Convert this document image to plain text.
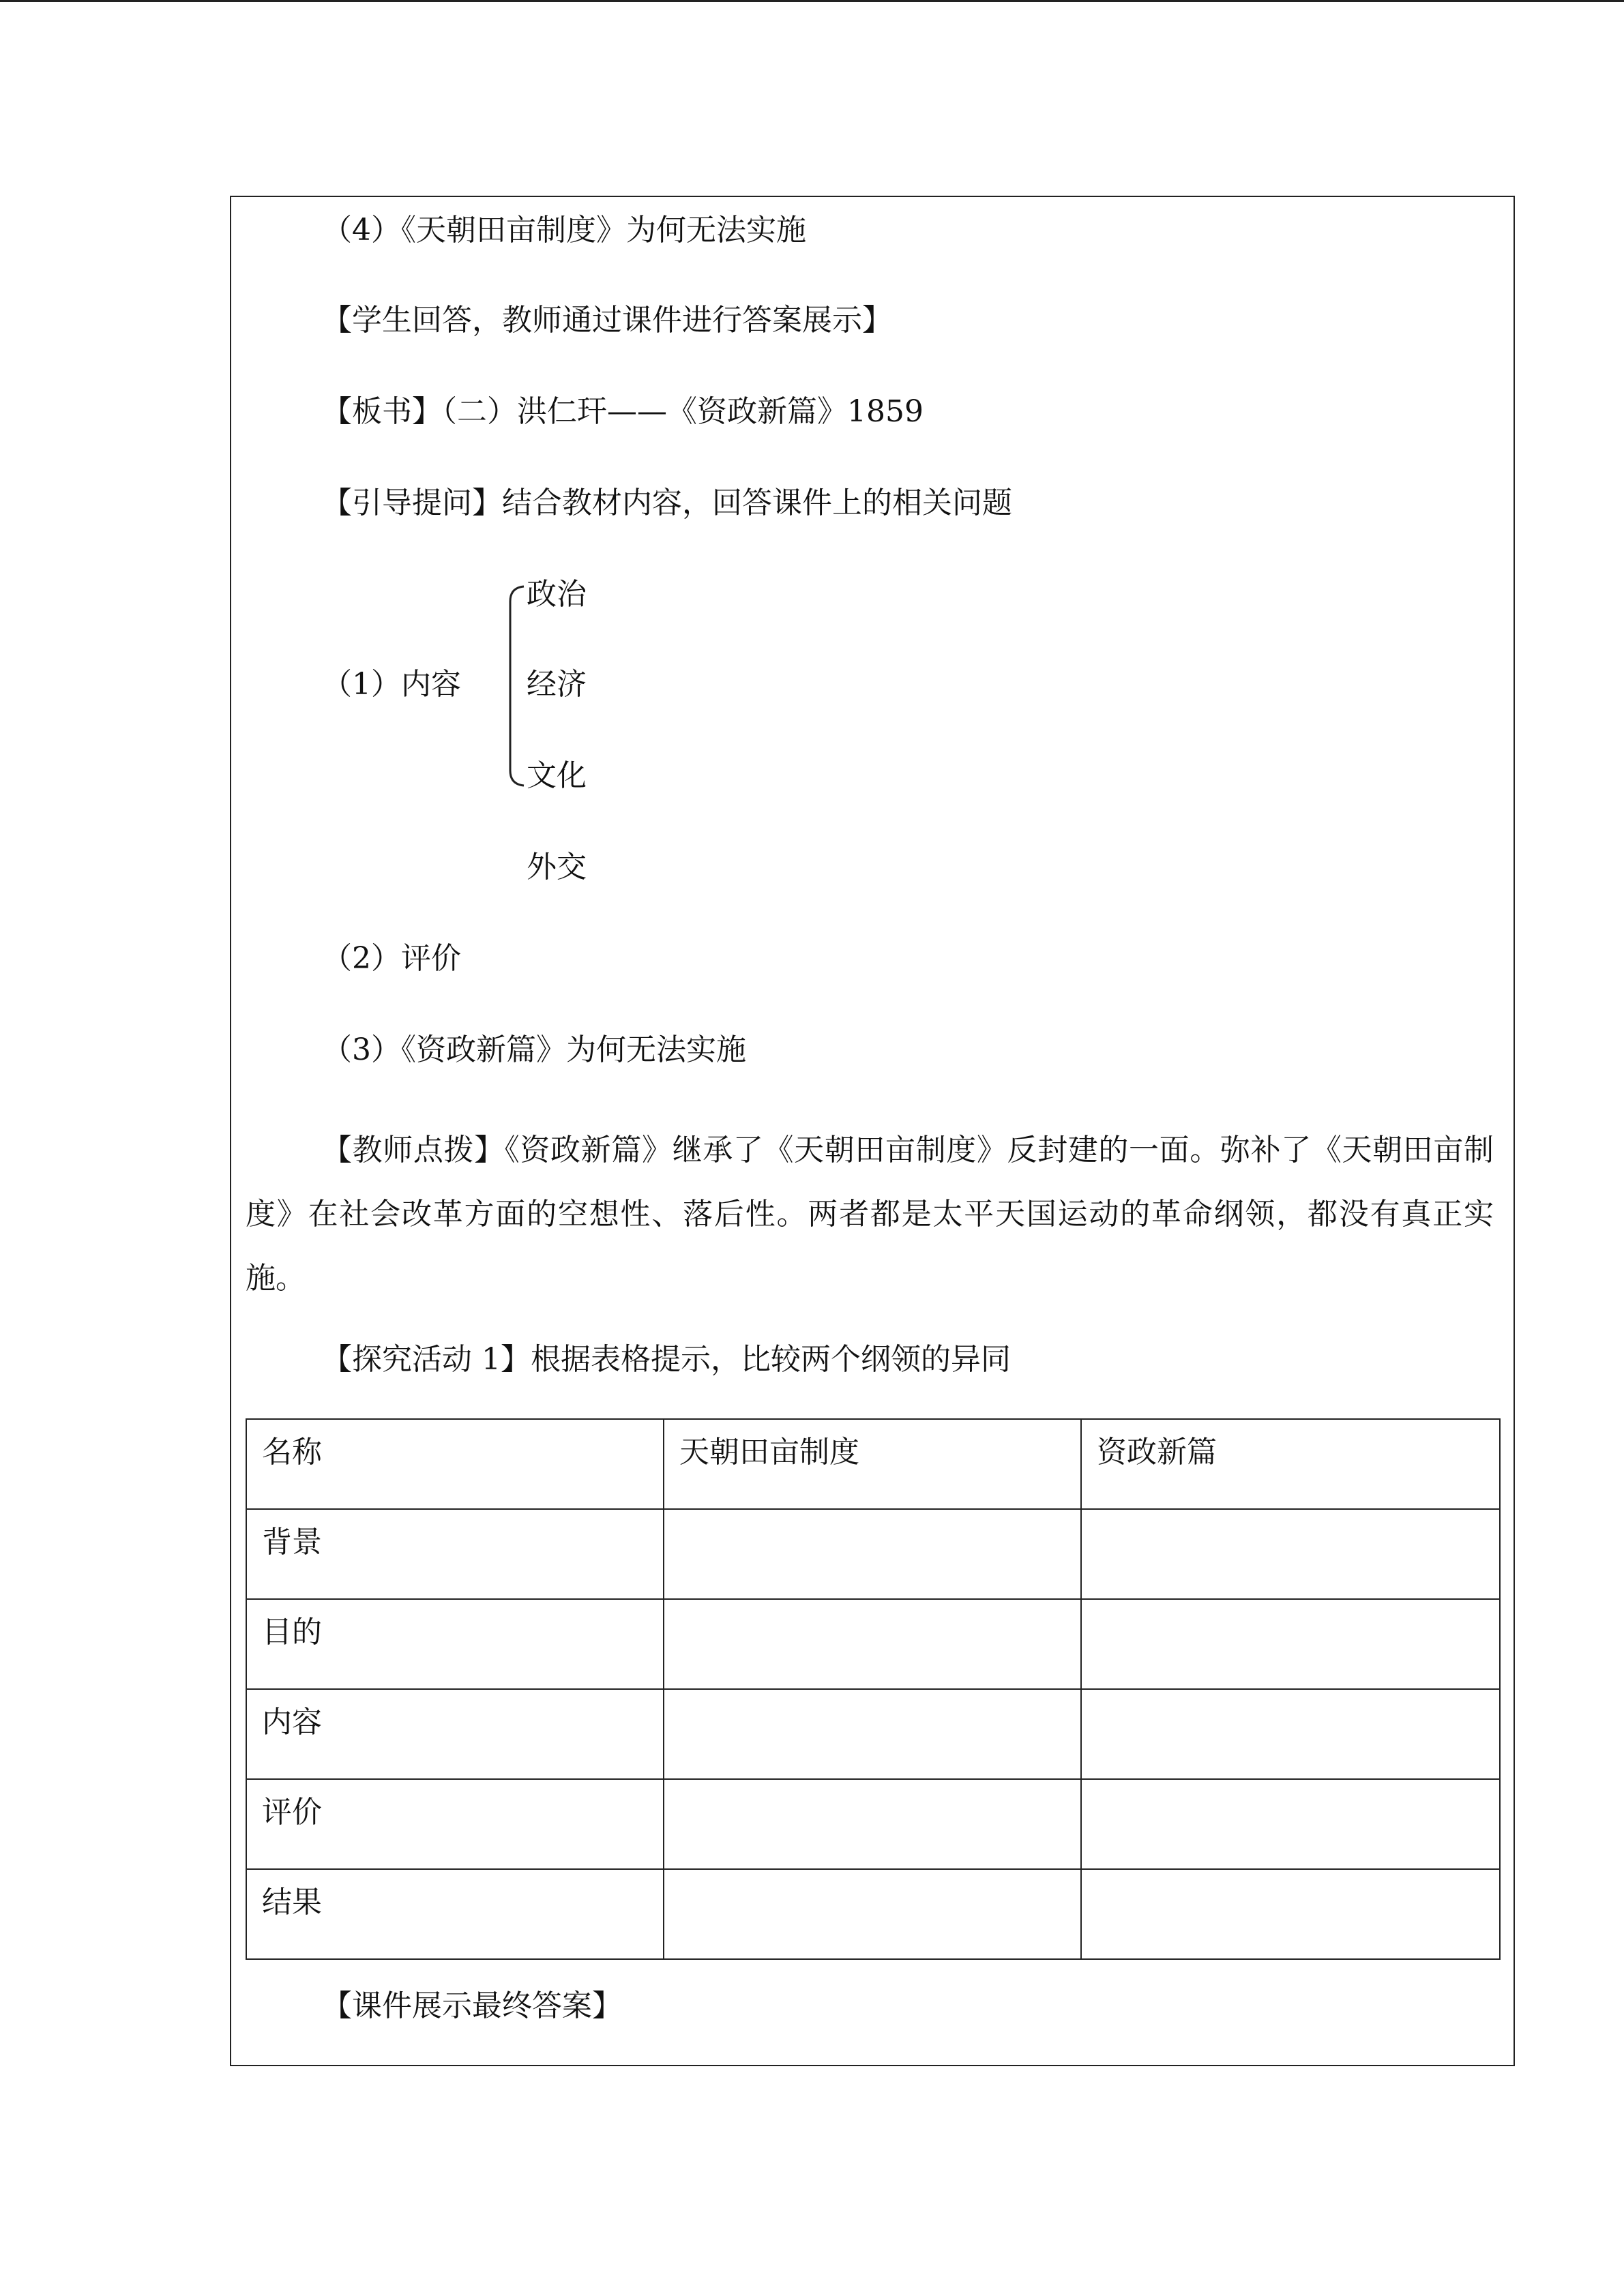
（4）《天朝田亩制度》为何无法实施
【学生回答，教师通过课件进行答案展示】
【板书】（二）洪仁玕——《资政新篇》1859
【引导提问】结合教材内容，回答课件上的相关问题
（1）内容
政治
经济
文化
外交
（2）评价
（3）《资政新篇》为何无法实施
【教师点拨】《资政新篇》继承了《天朝田亩制度》反封建的一面。弥补了《天朝田亩制度》在社会改革方面的空想性、落后性。两者都是太平天国运动的革命纲领，都没有真正实施。
【探究活动 1】根据表格提示，比较两个纲领的异同
名称	天朝田亩制度	资政新篇
背景		
目的		
内容		
评价		
结果		
【课件展示最终答案】
